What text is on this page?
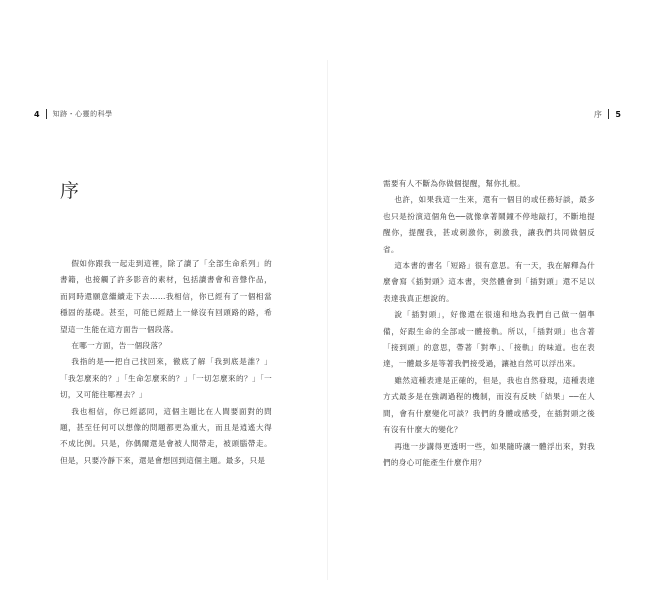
4 知跡・心靈的科學
序

假如你跟我一起走到這裡，除了讀了「全部生命系列」的書籍，也接觸了許多影音的素材，包括讀書會和音聲作品，而同時還願意繼續走下去……我相信，你已經有了一個相當穩固的基礎。甚至，可能已經踏上一條沒有回頭路的路，希望這一生能在這方面告一個段落。

在哪一方面，告一個段落？

我指的是──把自己找回來，徹底了解「我到底是誰？」「我怎麼來的？」「生命怎麼來的？」「一切怎麼來的？」「一切，又可能往哪裡去？」

我也相信，你已經認同，這個主題比在人間要面對的問題，甚至任何可以想像的問題都更為重大，而且是逍遙大得不成比例。只是，你偶爾還是會被人間帶走，被頭腦帶走。但是，只要冷靜下來，還是會想回到這個主題。最多，只是

序 5

需要有人不斷為你做個提醒，幫你扎根。

也許，如果我這一生來，還有一個目的或任務好談，最多也只是扮演這個角色──就像拿著鬧鐘不停地敲打，不斷地提醒你，提醒我，甚或刺激你，刺激我，讓我們共同做個反省。

這本書的書名「短路」很有意思。有一天，我在解釋為什麼會寫《插對頭》這本書，突然體會到「插對頭」還不足以表達我真正想說的。

說「插對頭」，好像還在很遠和地為我們自己做一個準備，好跟生命的全部或一體接軌。所以，「插對頭」也含著「接到頭」的意思，帶著「對準」、「接軌」的味道。也在表達，一體最多是等著我們接受過，讓祂自然可以浮出來。

雖然這種表達是正確的，但是，我也自然發現，這種表達方式最多是在強調過程的機制，而沒有反映「結果」──在人間，會有什麼變化可談？我們的身體或感受，在插對頭之後有沒有什麼大的變化？

再進一步講得更透明一些，如果隨時讓一體浮出來，對我們的身心可能產生什麼作用？
